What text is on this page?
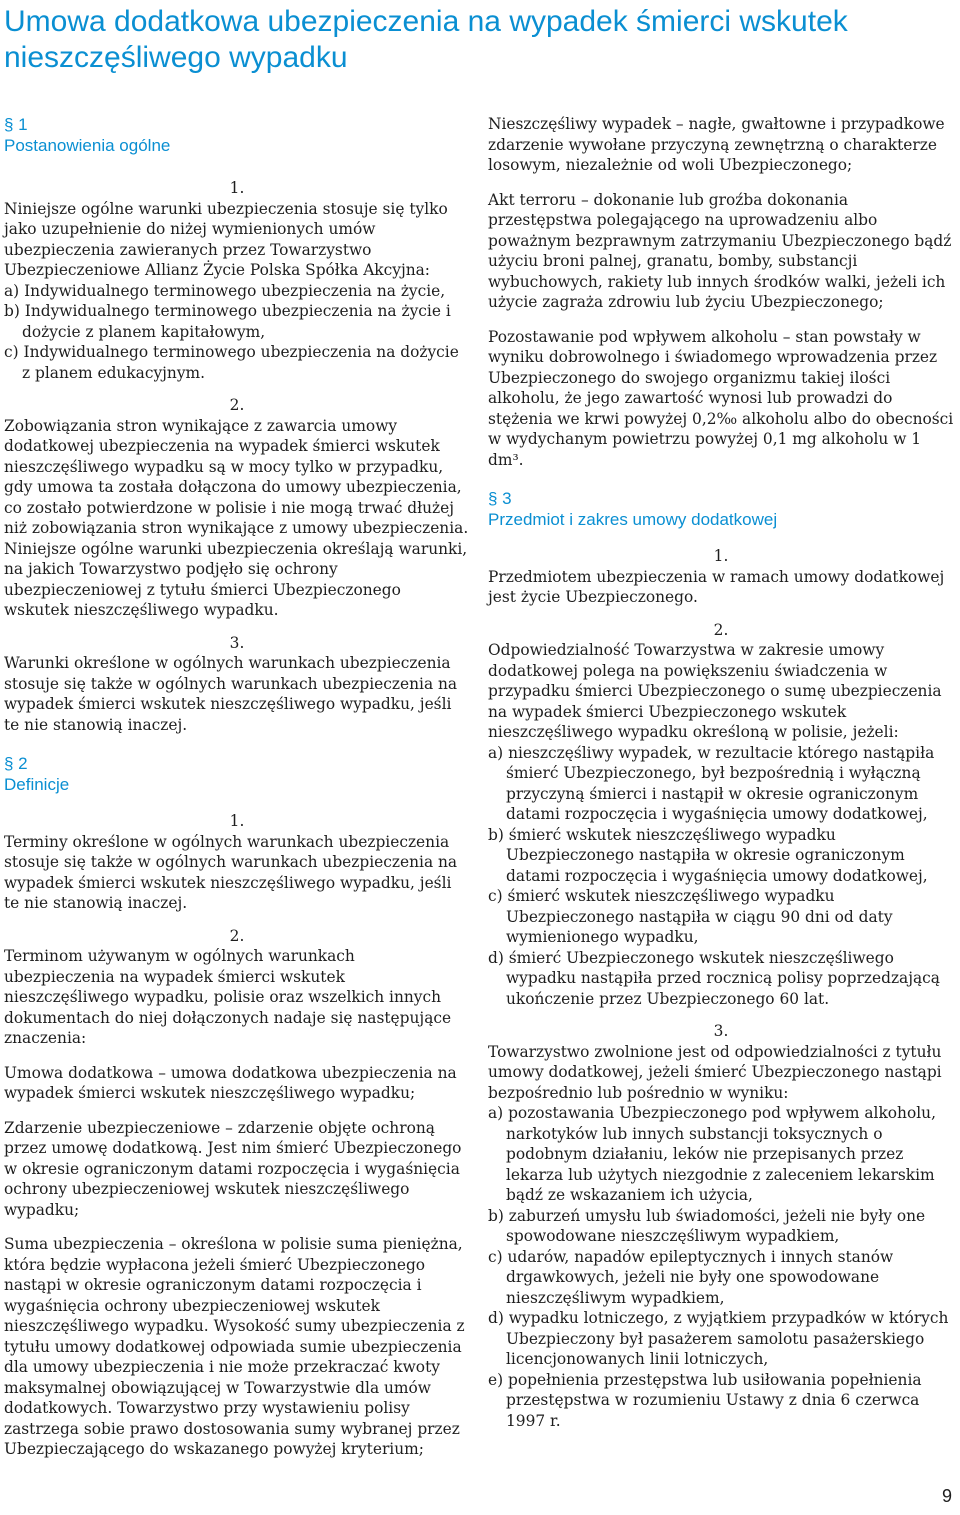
Umowa dodatkowa ubezpieczenia na wypadek śmierci wskutek nieszczęśliwego wypadku
§ 1
Postanowienia ogólne
1.

Niniejsze ogólne warunki ubezpieczenia stosuje się tylko jako uzupełnienie do niżej wymienionych umów ubezpieczenia zawieranych przez Towarzystwo Ubezpieczeniowe Allianz Życie Polska Spółka Akcyjna:

a) Indywidualnego terminowego ubezpieczenia na życie,
b) Indywidualnego terminowego ubezpieczenia na życie i dożycie z planem kapitałowym,
c) Indywidualnego terminowego ubezpieczenia na dożycie z planem edukacyjnym.
2.

Zobowiązania stron wynikające z zawarcia umowy dodatkowej ubezpieczenia na wypadek śmierci wskutek nieszczęśliwego wypadku są w mocy tylko w przypadku, gdy umowa ta została dołączona do umowy ubezpieczenia, co zostało potwierdzone w polisie i nie mogą trwać dłużej niż zobowiązania stron wynikające z umowy ubezpieczenia. Niniejsze ogólne warunki ubezpieczenia określają warunki, na jakich Towarzystwo podjęło się ochrony ubezpieczeniowej z tytułu śmierci Ubezpieczonego wskutek nieszczęśliwego wypadku.

3.

Warunki określone w ogólnych warunkach ubezpieczenia stosuje się także w ogólnych warunkach ubezpieczenia na wypadek śmierci wskutek nieszczęśliwego wypadku, jeśli te nie stanowią inaczej.

§ 2
Definicje
1.

Terminy określone w ogólnych warunkach ubezpieczenia stosuje się także w ogólnych warunkach ubezpieczenia na wypadek śmierci wskutek nieszczęśliwego wypadku, jeśli te nie stanowią inaczej.

2.

Terminom używanym w ogólnych warunkach ubezpieczenia na wypadek śmierci wskutek nieszczęśliwego wypadku, polisie oraz wszelkich innych dokumentach do niej dołączonych nadaje się następujące znaczenia:

Umowa dodatkowa – umowa dodatkowa ubezpieczenia na wypadek śmierci wskutek nieszczęśliwego wypadku;

Zdarzenie ubezpieczeniowe – zdarzenie objęte ochroną przez umowę dodatkową. Jest nim śmierć Ubezpieczonego w okresie ograniczonym datami rozpoczęcia i wygaśnięcia ochrony ubezpieczeniowej wskutek nieszczęśliwego wypadku;

Suma ubezpieczenia – określona w polisie suma pieniężna, która będzie wypłacona jeżeli śmierć Ubezpieczonego nastąpi w okresie ograniczonym datami rozpoczęcia i wygaśnięcia ochrony ubezpieczeniowej wskutek nieszczęśliwego wypadku. Wysokość sumy ubezpieczenia z tytułu umowy dodatkowej odpowiada sumie ubezpieczenia dla umowy ubezpieczenia i nie może przekraczać kwoty maksymalnej obowiązującej w Towarzystwie dla umów dodatkowych. Towarzystwo przy wystawieniu polisy zastrzega sobie prawo dostosowania sumy wybranej przez Ubezpieczającego do wskazanego powyżej kryterium;

Nieszczęśliwy wypadek – nagłe, gwałtowne i przypadkowe zdarzenie wywołane przyczyną zewnętrzną o charakterze losowym, niezależnie od woli Ubezpieczonego;

Akt terroru – dokonanie lub groźba dokonania przestępstwa polegającego na uprowadzeniu albo poważnym bezprawnym zatrzymaniu Ubezpieczonego bądź użyciu broni palnej, granatu, bomby, substancji wybuchowych, rakiety lub innych środków walki, jeżeli ich użycie zagraża zdrowiu lub życiu Ubezpieczonego;

Pozostawanie pod wpływem alkoholu – stan powstały w wyniku dobrowolnego i świadomego wprowadzenia przez Ubezpieczonego do swojego organizmu takiej ilości alkoholu, że jego zawartość wynosi lub prowadzi do stężenia we krwi powyżej 0,2‰ alkoholu albo do obecności w wydychanym powietrzu powyżej 0,1 mg alkoholu w 1 dm³.

§ 3
Przedmiot i zakres umowy dodatkowej
1.

Przedmiotem ubezpieczenia w ramach umowy dodatkowej jest życie Ubezpieczonego.

2.

Odpowiedzialność Towarzystwa w zakresie umowy dodatkowej polega na powiększeniu świadczenia w przypadku śmierci Ubezpieczonego o sumę ubezpieczenia na wypadek śmierci Ubezpieczonego wskutek nieszczęśliwego wypadku określoną w polisie, jeżeli:

a) nieszczęśliwy wypadek, w rezultacie którego nastąpiła śmierć Ubezpieczonego, był bezpośrednią i wyłączną przyczyną śmierci i nastąpił w okresie ograniczonym datami rozpoczęcia i wygaśnięcia umowy dodatkowej,
b) śmierć wskutek nieszczęśliwego wypadku Ubezpieczonego nastąpiła w okresie ograniczonym datami rozpoczęcia i wygaśnięcia umowy dodatkowej,
c) śmierć wskutek nieszczęśliwego wypadku Ubezpieczonego nastąpiła w ciągu 90 dni od daty wymienionego wypadku,
d) śmierć Ubezpieczonego wskutek nieszczęśliwego wypadku nastąpiła przed rocznicą polisy poprzedzającą ukończenie przez Ubezpieczonego 60 lat.
3.

Towarzystwo zwolnione jest od odpowiedzialności z tytułu umowy dodatkowej, jeżeli śmierć Ubezpieczonego nastąpi bezpośrednio lub pośrednio w wyniku:

a) pozostawania Ubezpieczonego pod wpływem alkoholu, narkotyków lub innych substancji toksycznych o podobnym działaniu, leków nie przepisanych przez lekarza lub użytych niezgodnie z zaleceniem lekarskim bądź ze wskazaniem ich użycia,
b) zaburzeń umysłu lub świadomości, jeżeli nie były one spowodowane nieszczęśliwym wypadkiem,
c) udarów, napadów epileptycznych i innych stanów drgawkowych, jeżeli nie były one spowodowane nieszczęśliwym wypadkiem,
d) wypadku lotniczego, z wyjątkiem przypadków w których Ubezpieczony był pasażerem samolotu pasażerskiego licencjonowanych linii lotniczych,
e) popełnienia przestępstwa lub usiłowania popełnienia przestępstwa w rozumieniu Ustawy z dnia 6 czerwca 1997 r.
9
